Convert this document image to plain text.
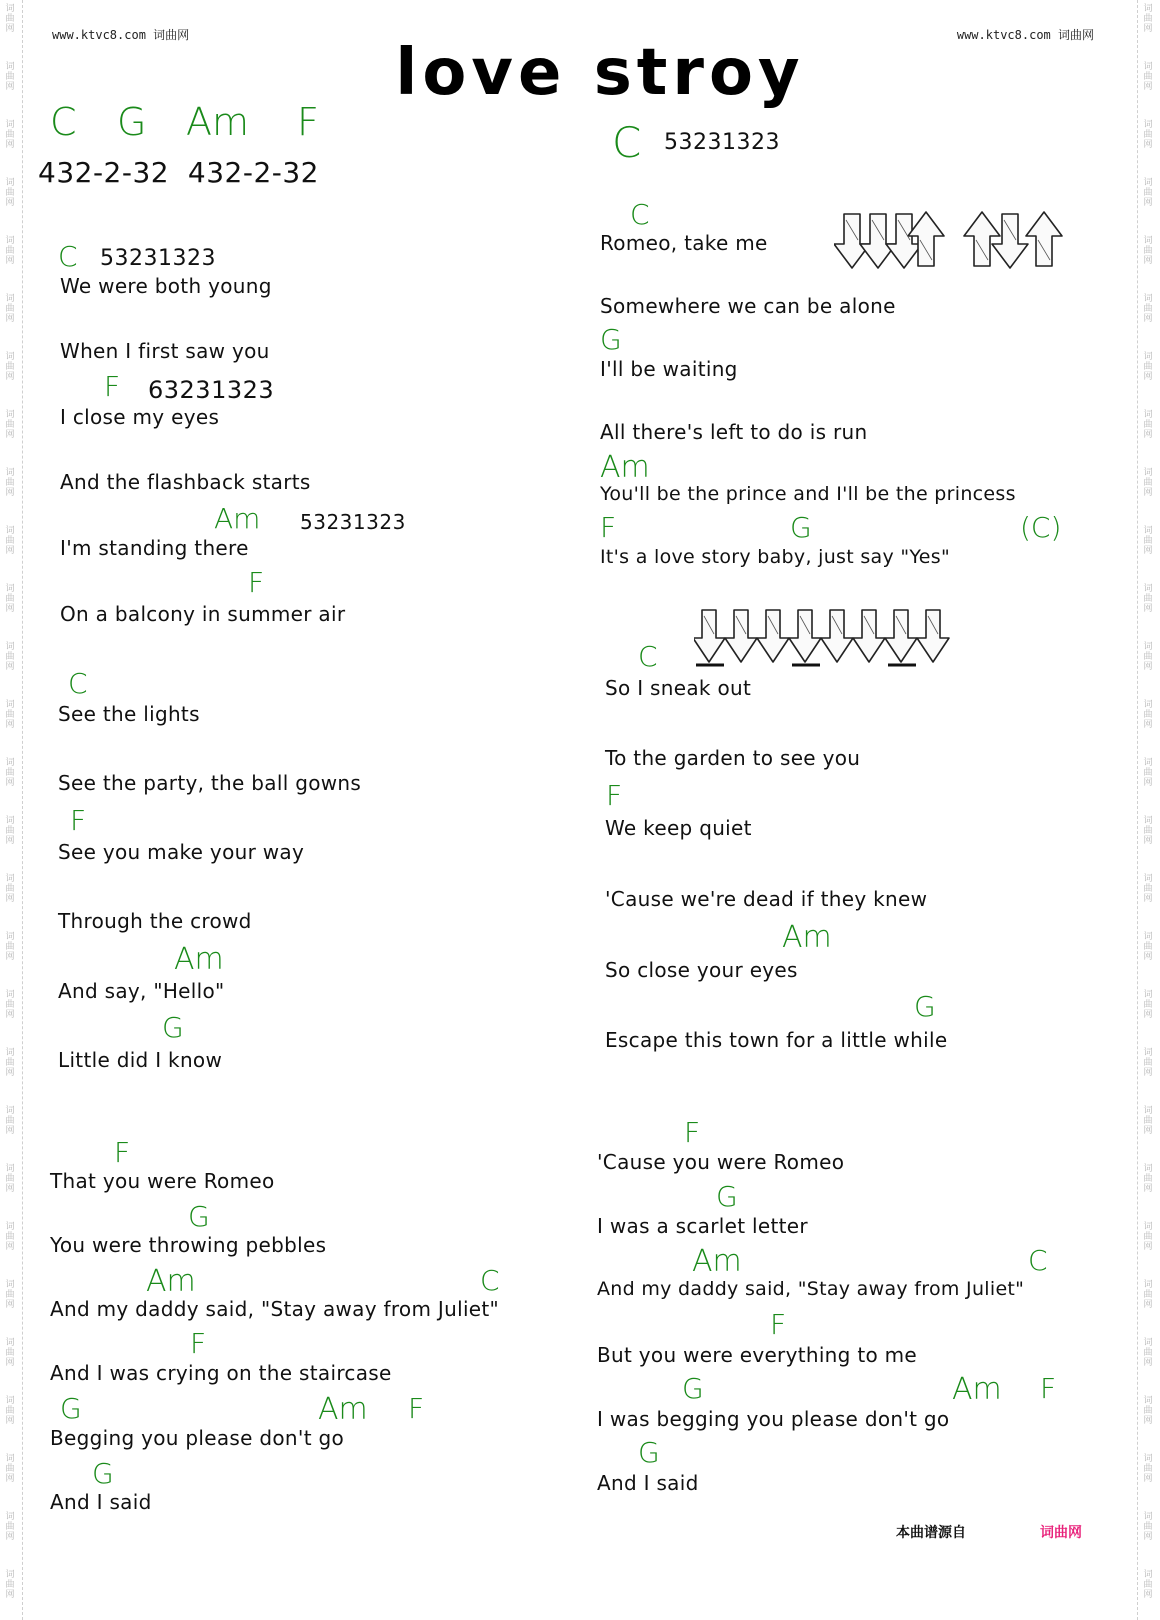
词
曲
网
词
曲
网
词
曲
网
词
曲
网
词
曲
网
词
曲
网
词
曲
网
词
曲
网
词
曲
网
词
曲
网
词
曲
网
词
曲
网
词
曲
网
词
曲
网
词
曲
网
词
曲
网
词
曲
网
词
曲
网
词
曲
网
词
曲
网
词
曲
网
词
曲
网
词
曲
网
词
曲
网
词
曲
网
词
曲
网
词
曲
网
词
曲
网
词
曲
网
词
曲
网
词
曲
网
词
曲
网
词
曲
网
词
曲
网
词
曲
网
词
曲
网
词
曲
网
词
曲
网
词
曲
网
词
曲
网
词
曲
网
词
曲
网
词
曲
网
词
曲
网
词
曲
网
词
曲
网
词
曲
网
词
曲
网
词
曲
网
词
曲
网
词
曲
网
词
曲
网
词
曲
网
词
曲
网
词
曲
网
词
曲
网
www.ktvc8.com 词曲网	www.ktvc8.com 词曲网
love stroy
C G Am F
432-2-32  432-2-32
C 53231323
C 53231323
We were both young
When I first saw you
F 63231323
I close my eyes
And the flashback starts
Am 53231323
I'm standing there
F
On a balcony in summer air
C
See the lights
See the party, the ball gowns
F
See you make your way
Through the crowd
Am
And say, "Hello"
G
Little did I know
F
That you were Romeo
G
You were throwing pebbles
Am	C
And my daddy said, "Stay away from Juliet"
F
And I was crying on the staircase
G	Am F
Begging you please don't go
G
And I said
C
Romeo, take me
Somewhere we can be alone
G
I'll be waiting
All there's left to do is run
Am
You'll be the prince and I'll be the princess
F	G	(C)
It's a love story baby, just say "Yes"
C
So I sneak out
To the garden to see you
F
We keep quiet
'Cause we're dead if they knew
Am
So close your eyes
G
Escape this town for a little while
F
'Cause you were Romeo
G
I was a scarlet letter
Am	C
And my daddy said, "Stay away from Juliet"
F
But you were everything to me
G	Am F
I was begging you please don't go
G
And I said
本曲谱源自	词曲网
